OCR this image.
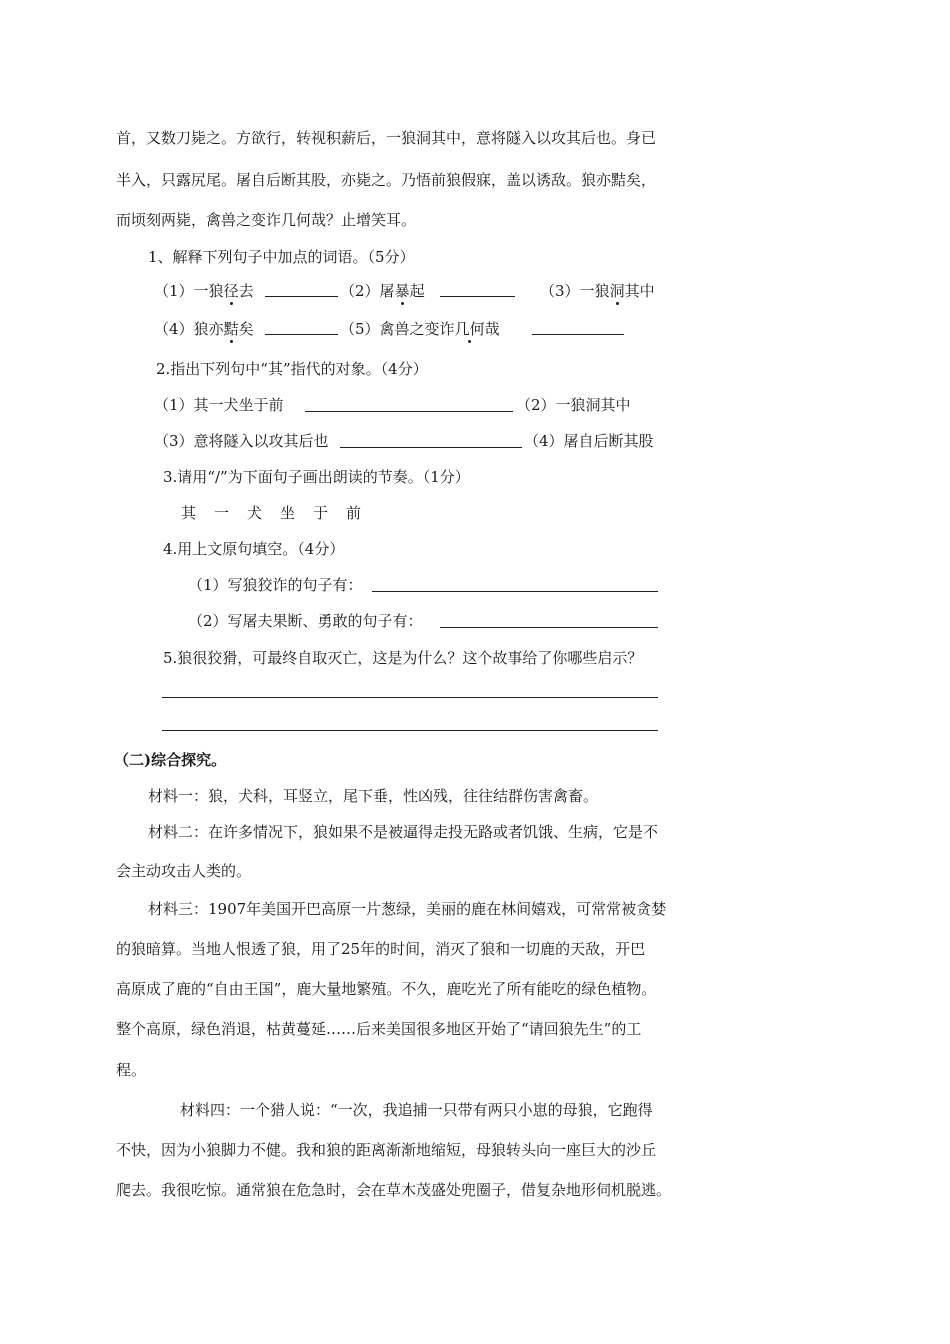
首，又数刀毙之。方欲行，转视积薪后，一狼洞其中，意将隧入以攻其后也。身已
半入，只露尻尾。屠自后断其股，亦毙之。乃悟前狼假寐，盖以诱敌。狼亦黠矣，
而顷刻两毙，禽兽之变诈几何哉？止增笑耳。
1、解释下列句子中加点的词语。（5分）
（1）一狼径去	（2）屠暴起	（3）一狼洞其中
（4）狼亦黠矣	（5）禽兽之变诈几何哉
2.指出下列句中“其”指代的对象。（4分）
（1）其一犬坐于前	（2）一狼洞其中
（3）意将隧入以攻其后也	（4）屠自后断其股
3.请用“/”为下面句子画出朗读的节奏。（1分）
其一犬坐于前
4.用上文原句填空。（4分）
（1）写狼狡诈的句子有：
（2）写屠夫果断、勇敢的句子有：
5.狼很狡猾，可最终自取灭亡，这是为什么？这个故事给了你哪些启示？
（二)综合探究。
材料一：狼，犬科，耳竖立，尾下垂，性凶残，往往结群伤害禽畜。
材料二：在许多情况下，狼如果不是被逼得走投无路或者饥饿、生病，它是不
会主动攻击人类的。
材料三：1907年美国开巴高原一片葱绿，美丽的鹿在林间嬉戏，可常常被贪婪
的狼暗算。当地人恨透了狼，用了25年的时间，消灭了狼和一切鹿的天敌，开巴
高原成了鹿的“自由王国”，鹿大量地繁殖。不久，鹿吃光了所有能吃的绿色植物。
整个高原，绿色消退，枯黄蔓延……后来美国很多地区开始了“请回狼先生”的工
程。
材料四：一个猎人说：“一次，我追捕一只带有两只小崽的母狼，它跑得
不快，因为小狼脚力不健。我和狼的距离渐渐地缩短，母狼转头向一座巨大的沙丘
爬去。我很吃惊。通常狼在危急时，会在草木茂盛处兜圈子，借复杂地形伺机脱逃。
